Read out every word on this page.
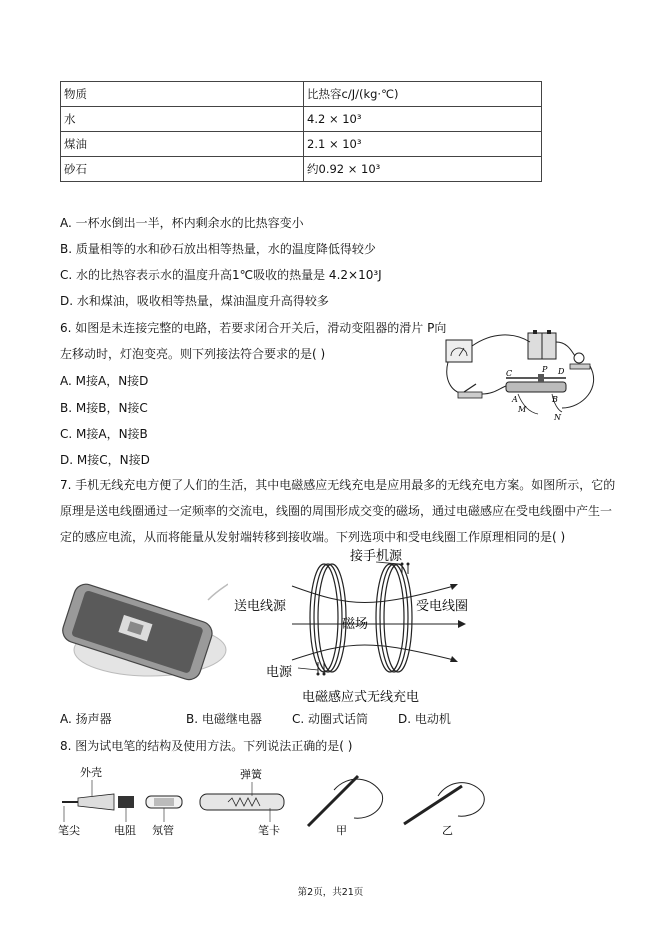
物质	比热容c/J/(kg·℃)
水	4.2 × 10³
煤油	2.1 × 10³
砂石	约0.92 × 10³
A. 一杯水倒出一半，杯内剩余水的比热容变小
B. 质量相等的水和砂石放出相等热量，水的温度降低得较少
C. 水的比热容表示水的温度升高1℃吸收的热量是 4.2×10³J
D. 水和煤油，吸收相等热量，煤油温度升高得较多
6. 如图是未连接完整的电路，若要求闭合开关后，滑动变阻器的滑片 P向
左移动时，灯泡变亮。则下列接法符合要求的是( )
A. M接A，N接D
B. M接B，N接C
C. M接A，N接B
D. M接C，N接D
C	P D
A	B
M
N
7. 手机无线充电方便了人们的生活，其中电磁感应无线充电是应用最多的无线充电方案。如图所示，它的
原理是送电线圈通过一定频率的交流电，线圈的周围形成交变的磁场，通过电磁感应在受电线圈中产生一
定的感应电流，从而将能量从发射端转移到接收端。下列选项中和受电线圈工作原理相同的是( )
接手机源
送电线源	受电线圈
磁场
电源
电磁感应式无线充电
A. 扬声器	B. 电磁继电器	C. 动圈式话筒 D. 电动机
8. 图为试电笔的结构及使用方法。下列说法正确的是( )
外壳
笔尖	电阻 氖管
弹簧
笔卡	甲	乙
第2页，共21页
